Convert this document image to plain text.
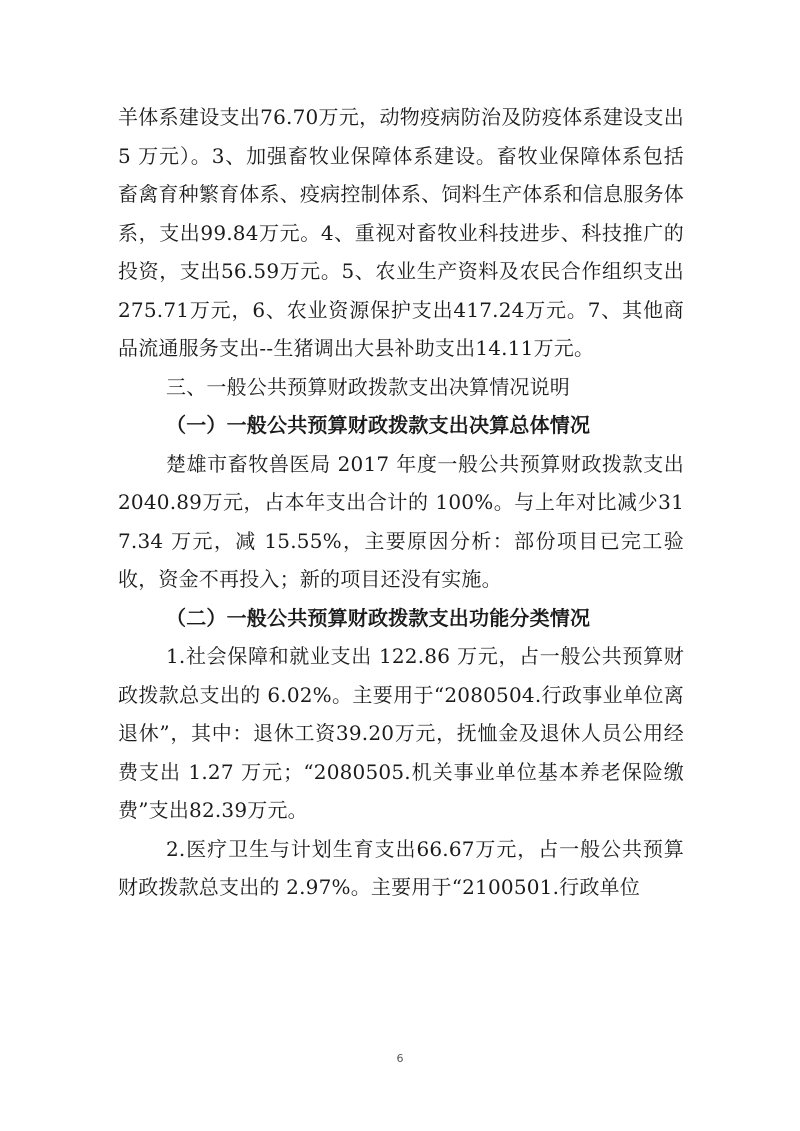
羊体系建设支出76.70万元，动物疫病防治及防疫体系建设支出 5 万元）。3、加强畜牧业保障体系建设。畜牧业保障体系包括畜禽育种繁育体系、疫病控制体系、饲料生产体系和信息服务体系，支出99.84万元。4、重视对畜牧业科技进步、科技推广的投资，支出56.59万元。5、农业生产资料及农民合作组织支出275.71万元，6、农业资源保护支出417.24万元。7、其他商品流通服务支出--生猪调出大县补助支出14.11万元。

三、一般公共预算财政拨款支出决算情况说明

（一）一般公共预算财政拨款支出决算总体情况

楚雄市畜牧兽医局 2017 年度一般公共预算财政拨款支出 2040.89万元，占本年支出合计的 100%。与上年对比减少317.34 万元，减 15.55%，主要原因分析：部份项目已完工验收，资金不再投入；新的项目还没有实施。

（二）一般公共预算财政拨款支出功能分类情况

1.社会保障和就业支出 122.86 万元，占一般公共预算财政拨款总支出的 6.02%。主要用于“2080504.行政事业单位离退休”，其中：退休工资39.20万元，抚恤金及退休人员公用经费支出 1.27 万元；“2080505.机关事业单位基本养老保险缴费”支出82.39万元。

2.医疗卫生与计划生育支出66.67万元，占一般公共预算财政拨款总支出的 2.97%。主要用于“2100501.行政单位

6
